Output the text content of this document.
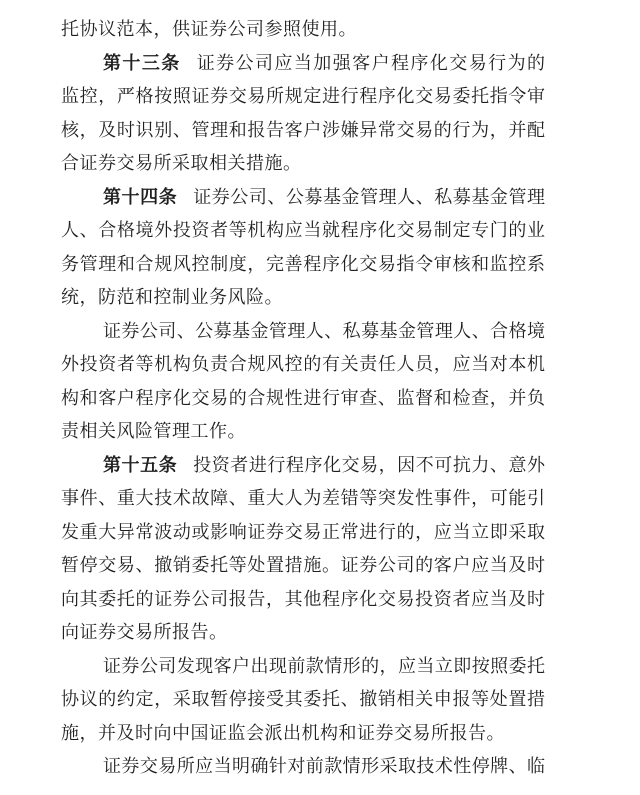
托协议范本，供证券公司参照使用。
第十三条 证券公司应当加强客户程序化交易行为的
监控，严格按照证券交易所规定进行程序化交易委托指令审
核，及时识别、管理和报告客户涉嫌异常交易的行为，并配
合证券交易所采取相关措施。
第十四条 证券公司、公募基金管理人、私募基金管理
人、合格境外投资者等机构应当就程序化交易制定专门的业
务管理和合规风控制度，完善程序化交易指令审核和监控系
统，防范和控制业务风险。
证券公司、公募基金管理人、私募基金管理人、合格境
外投资者等机构负责合规风控的有关责任人员，应当对本机
构和客户程序化交易的合规性进行审查、监督和检查，并负
责相关风险管理工作。
第十五条 投资者进行程序化交易，因不可抗力、意外
事件、重大技术故障、重大人为差错等突发性事件，可能引
发重大异常波动或影响证券交易正常进行的，应当立即采取
暂停交易、撤销委托等处置措施。证券公司的客户应当及时
向其委托的证券公司报告，其他程序化交易投资者应当及时
向证券交易所报告。
证券公司发现客户出现前款情形的，应当立即按照委托
协议的约定，采取暂停接受其委托、撤销相关申报等处置措
施，并及时向中国证监会派出机构和证券交易所报告。
证券交易所应当明确针对前款情形采取技术性停牌、临
